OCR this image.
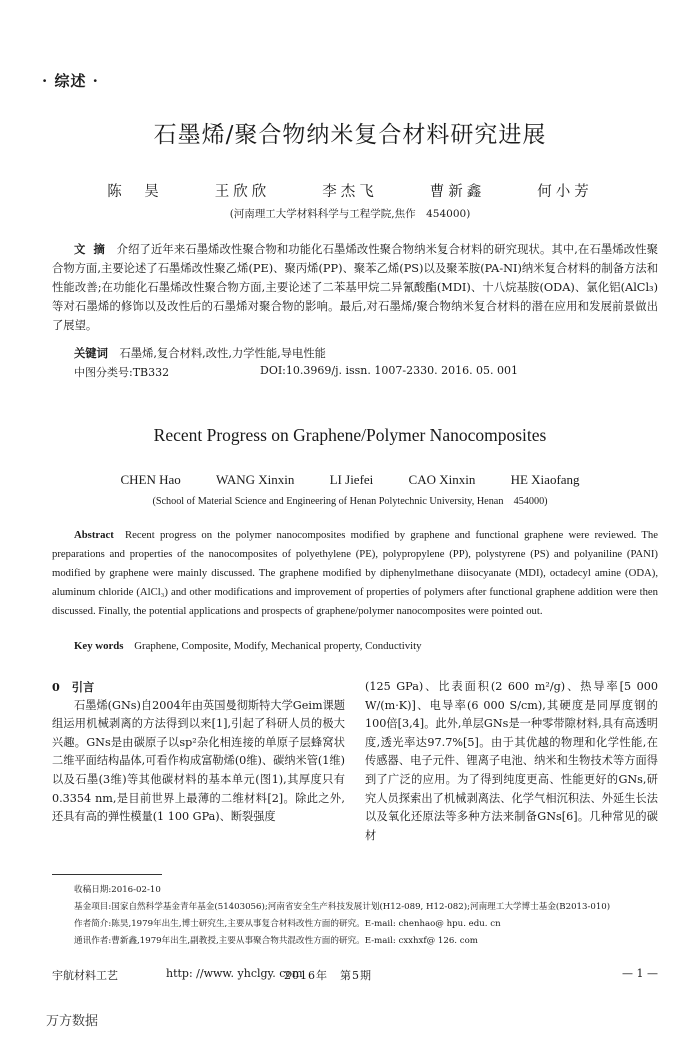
· 综述 ·
石墨烯/聚合物纳米复合材料研究进展
陈　昊	王欣欣	李杰飞	曹新鑫	何小芳
(河南理工大学材料科学与工程学院,焦作　454000)
文摘 介绍了近年来石墨烯改性聚合物和功能化石墨烯改性聚合物纳米复合材料的研究现状。其中,在石墨烯改性聚合物方面,主要论述了石墨烯改性聚乙烯(PE)、聚丙烯(PP)、聚苯乙烯(PS)以及聚苯胺(PA-NI)纳米复合材料的制备方法和性能改善;在功能化石墨烯改性聚合物方面,主要论述了二苯基甲烷二异氰酸酯(MDI)、十八烷基胺(ODA)、氯化铝(AlCl₃)等对石墨烯的修饰以及改性后的石墨烯对聚合物的影响。最后,对石墨烯/聚合物纳米复合材料的潜在应用和发展前景做出了展望。
关键词 石墨烯,复合材料,改性,力学性能,导电性能
中图分类号:TB332	DOI:10.3969/j. issn. 1007-2330. 2016. 05. 001
Recent Progress on Graphene/Polymer Nanocomposites
CHEN Hao	WANG Xinxin	LI Jiefei	CAO Xinxin	HE Xiaofang
(School of Material Science and Engineering of Henan Polytechnic University, Henan　454000)
Abstract Recent progress on the polymer nanocomposites modified by graphene and functional graphene were reviewed. The preparations and properties of the nanocomposites of polyethylene (PE), polypropylene (PP), polystyrene (PS) and polyaniline (PANI) modified by graphene were mainly discussed. The graphene modified by diphenylmethane diisocyanate (MDI), octadecyl amine (ODA), aluminum chloride (AlCl₃) and other modifications and improvement of properties of polymers after functional graphene addition were then discussed. Finally, the potential applications and prospects of graphene/polymer nanocomposites were pointed out.
Key words Graphene, Composite, Modify, Mechanical property, Conductivity
0 引言
石墨烯(GNs)自2004年由英国曼彻斯特大学Geim课题组运用机械剥离的方法得到以来[1],引起了科研人员的极大兴趣。GNs是由碳原子以sp²杂化相连接的单原子层蜂窝状二维平面结构晶体,可看作构成富勒烯(0维)、碳纳米管(1维)以及石墨(3维)等其他碳材料的基本单元(图1),其厚度只有0.3354 nm,是目前世界上最薄的二维材料[2]。除此之外,还具有高的弹性模量(1 100 GPa)、断裂强度
(125 GPa)、比表面积(2 600 m²/g)、热导率[5 000 W/(m·K)]、电导率(6 000 S/cm),其硬度是同厚度钢的100倍[3,4]。此外,单层GNs是一种零带隙材料,具有高透明度,透光率达97.7%[5]。由于其优越的物理和化学性能,在传感器、电子元件、锂离子电池、纳米和生物技术等方面得到了广泛的应用。为了得到纯度更高、性能更好的GNs,研究人员探索出了机械剥离法、化学气相沉积法、外延生长法以及氧化还原法等多种方法来制备GNs[6]。几种常见的碳材
收稿日期:2016-02-10
基金项目:国家自然科学基金青年基金(51403056);河南省安全生产科技发展计划(H12-089, H12-082);河南理工大学博士基金(B2013-010)
作者简介:陈昊,1979年出生,博士研究生,主要从事复合材料改性方面的研究。E-mail: chenhao@ hpu. edu. cn
通讯作者:曹新鑫,1979年出生,副教授,主要从事聚合物共混改性方面的研究。E-mail: cxxhxf@ 126. com
宇航材料工艺	http: //www. yhclgy. com
2016年　第5期	— 1 —
万方数据
